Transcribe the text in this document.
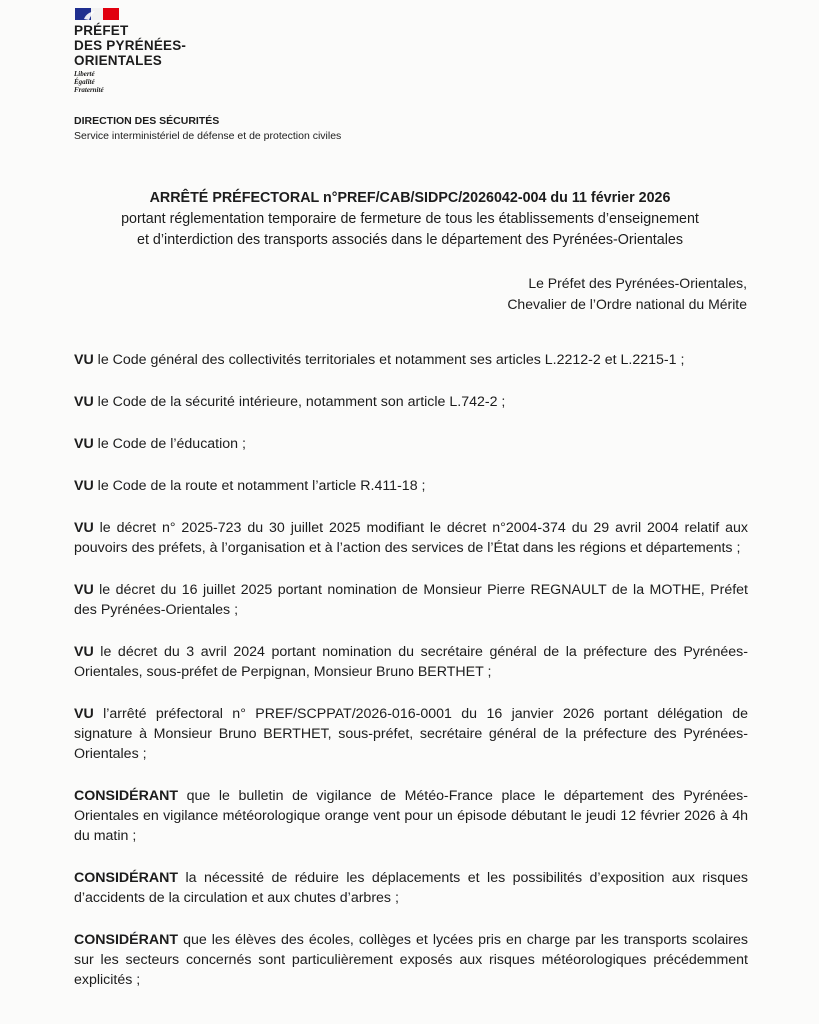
PRÉFET
DES PYRÉNÉES-
ORIENTALES
Liberté
Égalité
Fraternité
DIRECTION DES SÉCURITÉS
Service interministériel de défense et de protection civiles
ARRÊTÉ PRÉFECTORAL n°PREF/CAB/SIDPC/2026042-004 du 11 février 2026
portant réglementation temporaire de fermeture de tous les établissements d’enseignement
et d’interdiction des transports associés dans le département des Pyrénées-Orientales
Le Préfet des Pyrénées-Orientales,
Chevalier de l’Ordre national du Mérite

VU le Code général des collectivités territoriales et notamment ses articles L.2212-2 et L.2215-1 ;

VU le Code de la sécurité intérieure, notamment son article L.742-2 ;

VU le Code de l’éducation ;

VU le Code de la route et notamment l’article R.411-18 ;

VU le décret n° 2025-723 du 30 juillet 2025 modifiant le décret n°2004-374 du 29 avril 2004 relatif aux pouvoirs des préfets, à l’organisation et à l’action des services de l’État dans les régions et départements ;

VU le décret du 16 juillet 2025 portant nomination de Monsieur Pierre REGNAULT de la MOTHE, Préfet des Pyrénées-Orientales ;

VU le décret du 3 avril 2024 portant nomination du secrétaire général de la préfecture des Pyrénées-Orientales, sous-préfet de Perpignan, Monsieur Bruno BERTHET ;

VU l’arrêté préfectoral n° PREF/SCPPAT/2026-016-0001 du 16 janvier 2026 portant délégation de signature à Monsieur Bruno BERTHET, sous-préfet, secrétaire général de la préfecture des Pyrénées-Orientales ;

CONSIDÉRANT que le bulletin de vigilance de Météo-France place le département des Pyrénées-Orientales en vigilance météorologique orange vent pour un épisode débutant le jeudi 12 février 2026 à 4h du matin ;

CONSIDÉRANT la nécessité de réduire les déplacements et les possibilités d’exposition aux risques d’accidents de la circulation et aux chutes d’arbres ;

CONSIDÉRANT que les élèves des écoles, collèges et lycées pris en charge par les transports scolaires sur les secteurs concernés sont particulièrement exposés aux risques météorologiques précédemment explicités ;
